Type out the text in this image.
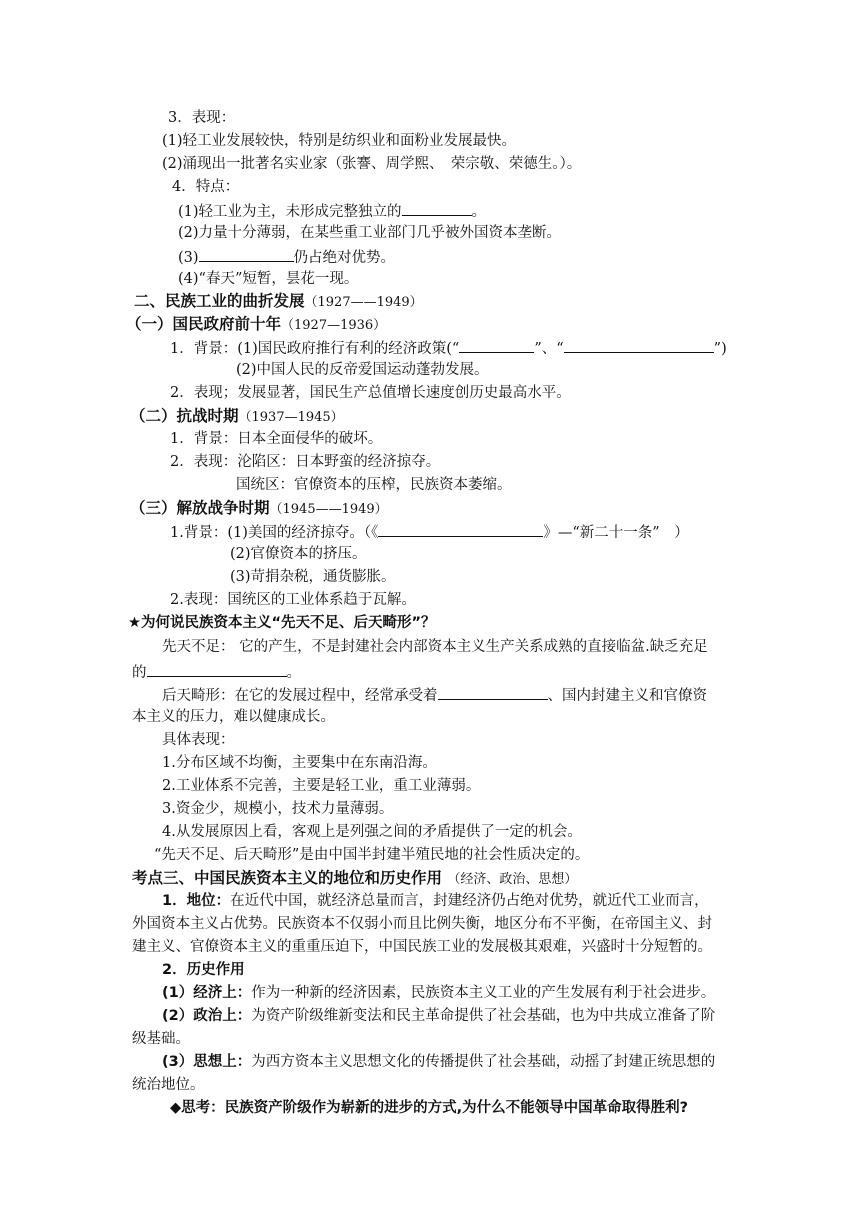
3．表现：
(1)轻工业发展较快，特别是纺织业和面粉业发展最快。
(2)涌现出一批著名实业家（张謇、周学熙、　荣宗敬、荣德生。）。
4．特点：
(1)轻工业为主，未形成完整独立的	。
(2)力量十分薄弱，在某些重工业部门几乎被外国资本垄断。
(3)	仍占绝对优势。
(4)“春天”短暂，昙花一现。
二、民族工业的曲折发展（1927——1949）
（一）国民政府前十年（1927—1936）
1．背景：(1)国民政府推行有利的经济政策(“	”、“	”)
(2)中国人民的反帝爱国运动蓬勃发展。
2．表现；发展显著，国民生产总值增长速度创历史最高水平。
（二）抗战时期（1937—1945）
1．背景：日本全面侵华的破坏。
2．表现：沦陷区：日本野蛮的经济掠夺。
国统区：官僚资本的压榨，民族资本萎缩。
（三）解放战争时期（1945——1949）
1.背景：(1)美国的经济掠夺。（《	》—“新二十一条”　）
(2)官僚资本的挤压。
(3)苛捐杂税，通货膨胀。
2.表现：国统区的工业体系趋于瓦解。
★为何说民族资本主义“先天不足、后天畸形”？
先天不足： 它的产生，不是封建社会内部资本主义生产关系成熟的直接临盆.缺乏充足
的	。
后天畸形：在它的发展过程中，经常承受着	、国内封建主义和官僚资
本主义的压力，难以健康成长。
具体表现：
1.分布区域不均衡，主要集中在东南沿海。
2.工业体系不完善，主要是轻工业，重工业薄弱。
3.资金少，规模小，技术力量薄弱。
4.从发展原因上看，客观上是列强之间的矛盾提供了一定的机会。
“先天不足、后天畸形”是由中国半封建半殖民地的社会性质决定的。
考点三、中国民族资本主义的地位和历史作用 （经济、政治、思想）
1．地位：在近代中国，就经济总量而言，封建经济仍占绝对优势，就近代工业而言，
外国资本主义占优势。民族资本不仅弱小而且比例失衡，地区分布不平衡，在帝国主义、封
建主义、官僚资本主义的重重压迫下，中国民族工业的发展极其艰难，兴盛时十分短暂的。
2．历史作用
(1）经济上：作为一种新的经济因素，民族资本主义工业的产生发展有利于社会进步。
(2）政治上：为资产阶级维新变法和民主革命提供了社会基础，也为中共成立准备了阶
级基础。
(3）思想上：为西方资本主义思想文化的传播提供了社会基础，动摇了封建正统思想的
统治地位。
◆思考：民族资产阶级作为崭新的进步的方式,为什么不能领导中国革命取得胜利?
